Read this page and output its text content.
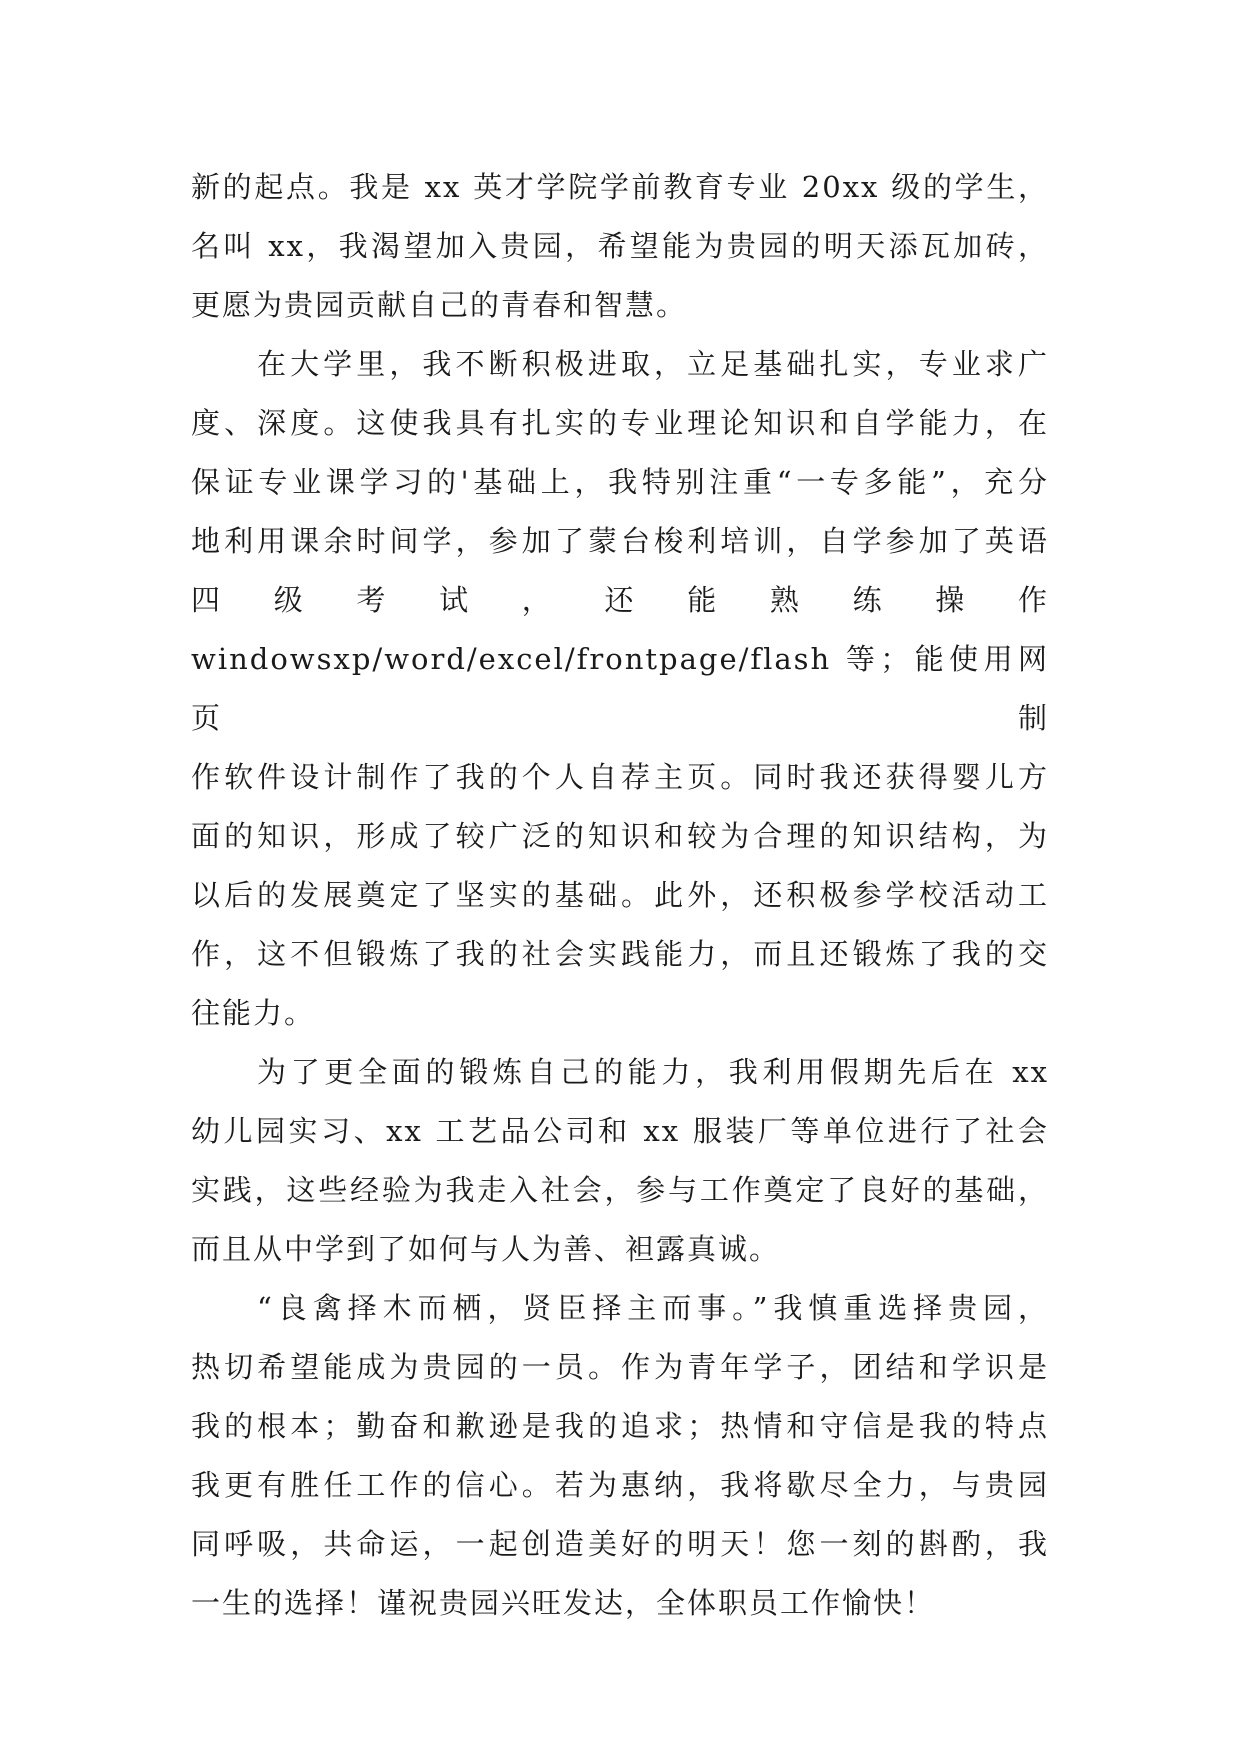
新的起点。我是 xx 英才学院学前教育专业 20xx 级的学生，
名叫 xx，我渴望加入贵园，希望能为贵园的明天添瓦加砖，
更愿为贵园贡献自己的青春和智慧。

在大学里，我不断积极进取，立足基础扎实，专业求广
度、深度。这使我具有扎实的专业理论知识和自学能力，在
保证专业课学习的'基础上，我特别注重“一专多能”，充分
地利用课余时间学，参加了蒙台梭利培训，自学参加了英语
四 级 考 试 ， 还 能 熟 练 操 作
windowsxp/word/excel/frontpage/flash 等；能使用网页制
作软件设计制作了我的个人自荐主页。同时我还获得婴儿方
面的知识，形成了较广泛的知识和较为合理的知识结构，为
以后的发展奠定了坚实的基础。此外，还积极参学校活动工
作，这不但锻炼了我的社会实践能力，而且还锻炼了我的交
往能力。

为了更全面的锻炼自己的能力，我利用假期先后在 xx
幼儿园实习、xx 工艺品公司和 xx 服装厂等单位进行了社会
实践，这些经验为我走入社会，参与工作奠定了良好的基础，
而且从中学到了如何与人为善、袒露真诚。

“良禽择木而栖，贤臣择主而事。”我慎重选择贵园，
热切希望能成为贵园的一员。作为青年学子，团结和学识是
我的根本；勤奋和歉逊是我的追求；热情和守信是我的特点
我更有胜任工作的信心。若为惠纳，我将歇尽全力，与贵园
同呼吸，共命运，一起创造美好的明天！您一刻的斟酌，我
一生的选择！谨祝贵园兴旺发达，全体职员工作愉快！
